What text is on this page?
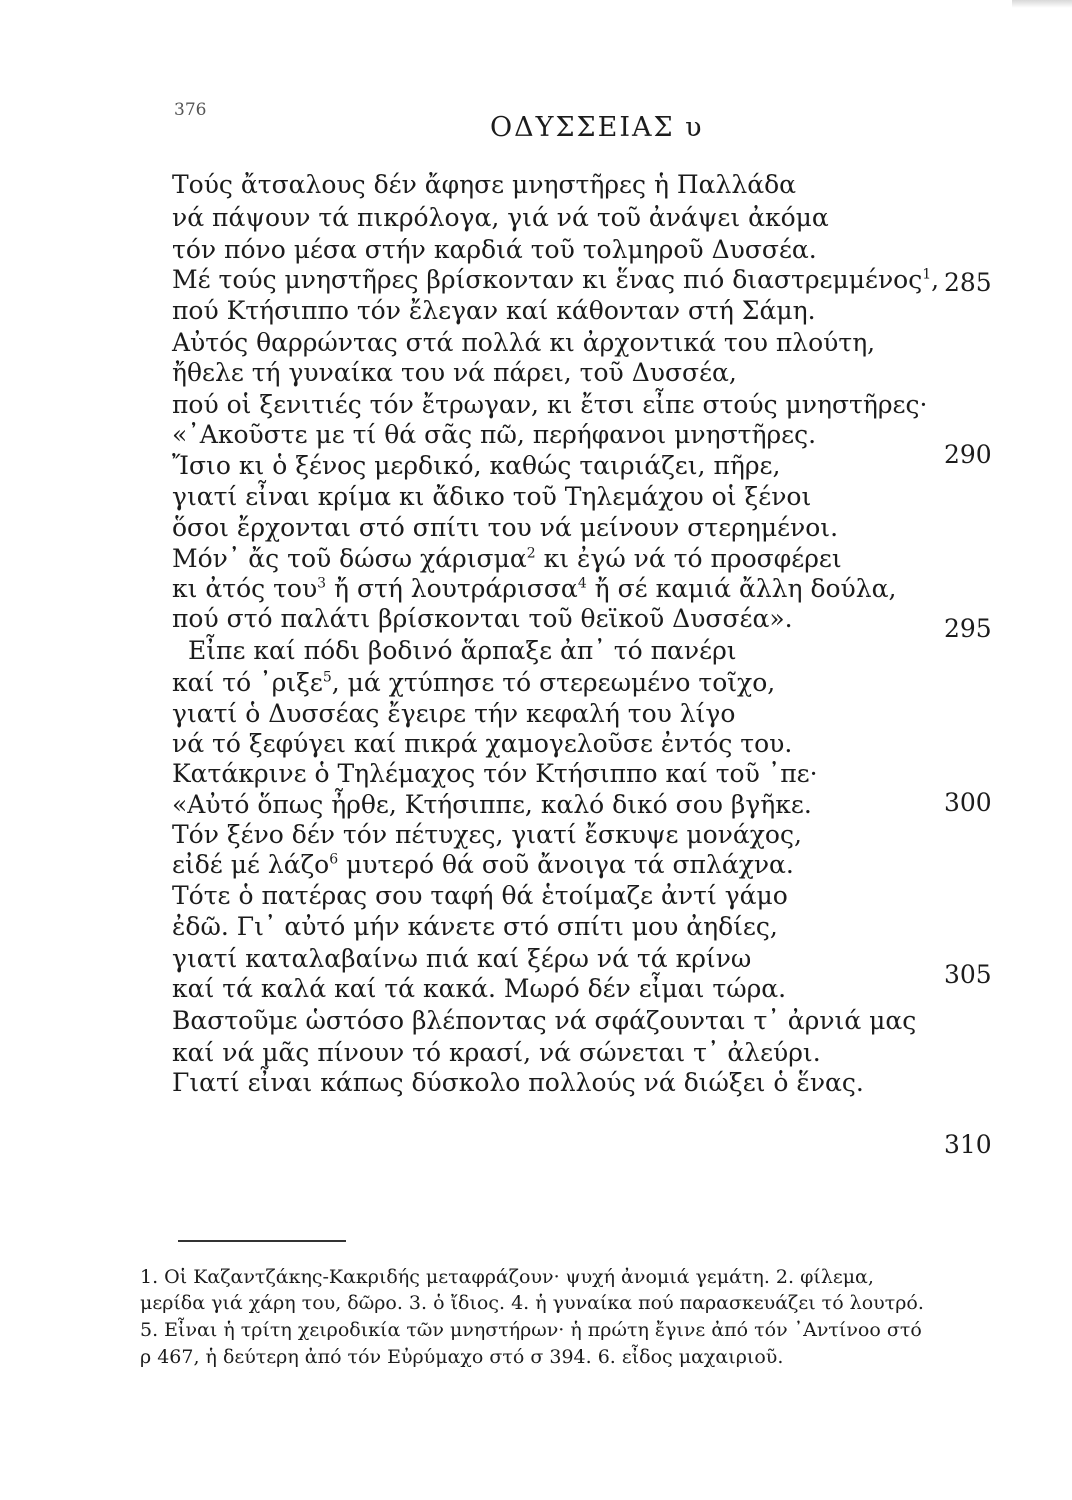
376
ΟΔΥΣΣΕΙΑΣ υ
Τούς ἄτσαλους δέν ἄφησε μνηστῆρες ἡ Παλλάδα
νά πάψουν τά πικρόλογα, γιά νά τοῦ ἀνάψει ἀκόμα
τόν πόνο μέσα στήν καρδιά τοῦ τολμηροῦ Δυσσέα.
285
Μέ τούς μνηστῆρες βρίσκονταν κι ἕνας πιό διαστρεμμένος$^1$,
πού Κτήσιππο τόν ἔλεγαν καί κάθονταν στή Σάμη.
Αὐτός θαρρώντας στά πολλά κι ἀρχοντικά του πλούτη,
ἤθελε τή γυναίκα του νά πάρει, τοῦ Δυσσέα,
πού οἱ ξενιτιές τόν ἔτρωγαν, κι ἔτσι εἶπε στούς μνηστῆρες·
290
«᾿Ακοῦστε με τί θά σᾶς πῶ, περήφανοι μνηστῆρες.
Ἴσιο κι ὁ ξένος μερδικό, καθώς ταιριάζει, πῆρε,
γιατί εἶναι κρίμα κι ἄδικο τοῦ Τηλεμάχου οἱ ξένοι
ὅσοι ἔρχονται στό σπίτι του νά μείνουν στερημένοι.
Μόν᾿ ἄς τοῦ δώσω χάρισμα$^2$ κι ἐγώ νά τό προσφέρει
295
κι ἀτός του$^3$ ἤ στή λουτράρισσα$^4$ ἤ σέ καμιά ἄλλη δούλα,
πού στό παλάτι βρίσκονται τοῦ θεϊκοῦ Δυσσέα».
Εἶπε καί πόδι βοδινό ἅρπαξε ἀπ᾿ τό πανέρι
καί τό ᾿ριξε$^5$, μά χτύπησε τό στερεωμένο τοῖχο,
γιατί ὁ Δυσσέας ἔγειρε τήν κεφαλή του λίγο
300
νά τό ξεφύγει καί πικρά χαμογελοῦσε ἐντός του.
Κατάκρινε ὁ Τηλέμαχος τόν Κτήσιππο καί τοῦ ᾿πε·
«Αὐτό ὅπως ἦρθε, Κτήσιππε, καλό δικό σου βγῆκε.
Τόν ξένο δέν τόν πέτυχες, γιατί ἔσκυψε μονάχος,
εἰδέ μέ λάζο$^6$ μυτερό θά σοῦ ἄνοιγα τά σπλάχνα.
305
Τότε ὁ πατέρας σου ταφή θά ἑτοίμαζε ἀντί γάμο
ἐδῶ. Γι᾿ αὐτό μήν κάνετε στό σπίτι μου ἀηδίες,
γιατί καταλαβαίνω πιά καί ξέρω νά τά κρίνω
καί τά καλά καί τά κακά. Μωρό δέν εἶμαι τώρα.
Βαστοῦμε ὡστόσο βλέποντας νά σφάζουνται τ᾿ ἀρνιά μας
310
καί νά μᾶς πίνουν τό κρασί, νά σώνεται τ᾿ ἀλεύρι.
Γιατί εἶναι κάπως δύσκολο πολλούς νά διώξει ὁ ἕνας.
1. Οἱ Καζαντζάκης-Κακριδής μεταφράζουν· ψυχή ἀνομιά γεμάτη. 2. φίλεμα,
μερίδα γιά χάρη του, δῶρο. 3. ὁ ἴδιος. 4. ἡ γυναίκα πού παρασκευάζει τό λουτρό.
5. Εἶναι ἡ τρίτη χειροδικία τῶν μνηστήρων· ἡ πρώτη ἔγινε ἀπό τόν ᾿Αντίνοο στό
ρ 467, ἡ δεύτερη ἀπό τόν Εὐρύμαχο στό σ 394. 6. εἶδος μαχαιριοῦ.
